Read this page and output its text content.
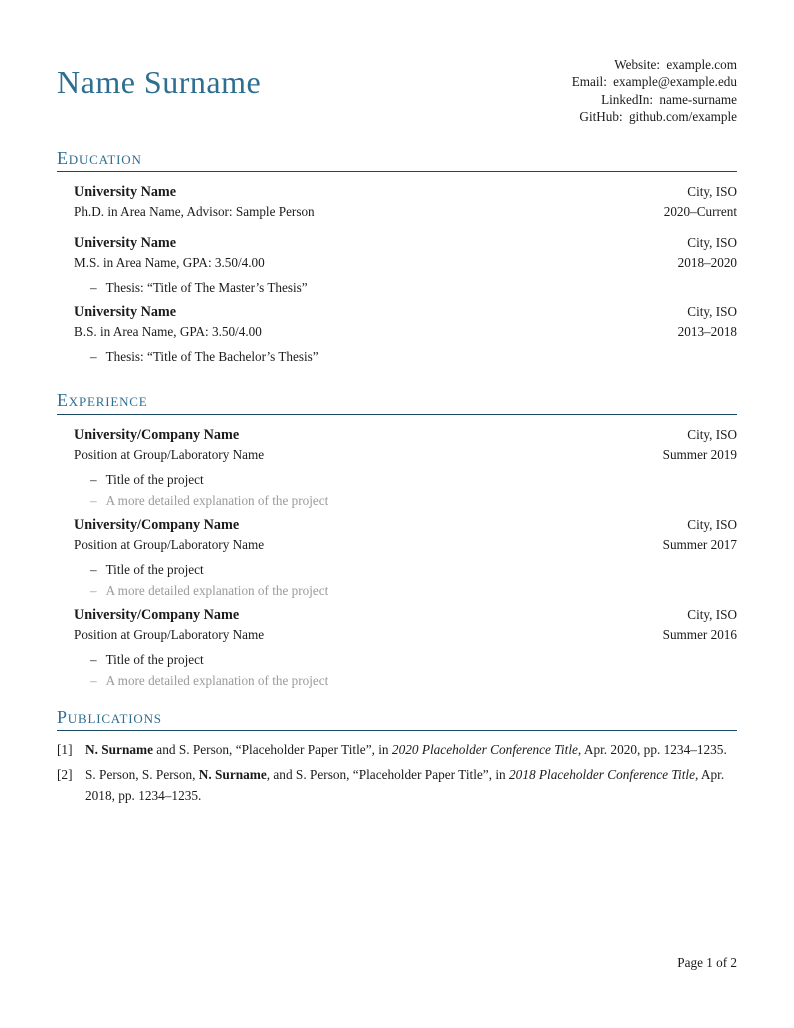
Name Surname	Website: example.com
Email: example@example.edu
LinkedIn: name-surname
GitHub: github.com/example
Education
University Name	City, ISO
Ph.D. in Area Name, Advisor: Sample Person	2020–Current
University Name	City, ISO
M.S. in Area Name, GPA: 3.50/4.00	2018–2020
– Thesis: “Title of The Master’s Thesis”
University Name	City, ISO
B.S. in Area Name, GPA: 3.50/4.00	2013–2018
– Thesis: “Title of The Bachelor’s Thesis”
Experience
University/Company Name	City, ISO
Position at Group/Laboratory Name	Summer 2019
– Title of the project
– A more detailed explanation of the project
University/Company Name	City, ISO
Position at Group/Laboratory Name	Summer 2017
– Title of the project
– A more detailed explanation of the project
University/Company Name	City, ISO
Position at Group/Laboratory Name	Summer 2016
– Title of the project
– A more detailed explanation of the project
Publications
[1] N. Surname and S. Person, “Placeholder Paper Title”, in 2020 Placeholder Conference Title, Apr. 2020, pp. 1234–1235.

[2] S. Person, S. Person, N. Surname, and S. Person, “Placeholder Paper Title”, in 2018 Placeholder Conference Title, Apr. 2018, pp. 1234–1235.

Page 1 of 2
